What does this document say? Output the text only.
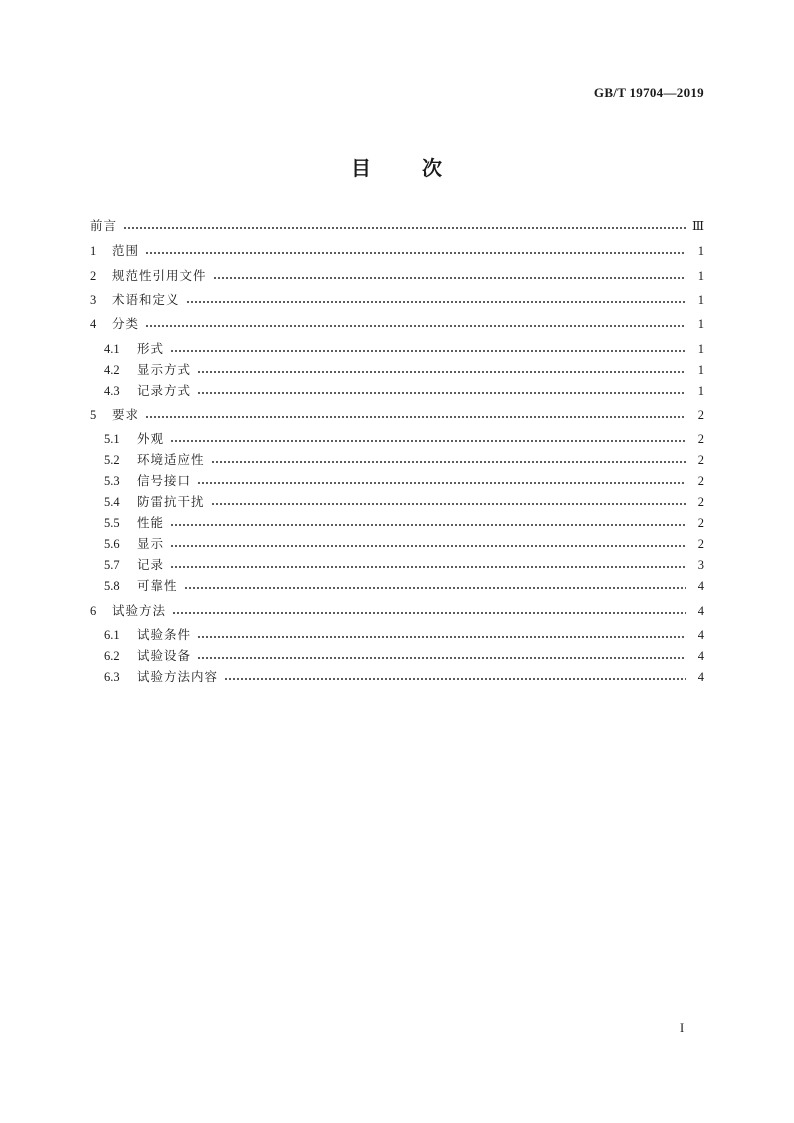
GB/T 19704—2019
目	次
前言	Ⅲ
1	范围	1
2	规范性引用文件	1
3	术语和定义	1
4	分类	1
4.1	形式	1
4.2	显示方式	1
4.3	记录方式	1
5	要求	2
5.1	外观	2
5.2	环境适应性	2
5.3	信号接口	2
5.4	防雷抗干扰	2
5.5	性能	2
5.6	显示	2
5.7	记录	3
5.8	可靠性	4
6	试验方法	4
6.1	试验条件	4
6.2	试验设备	4
6.3	试验方法内容	4
I
